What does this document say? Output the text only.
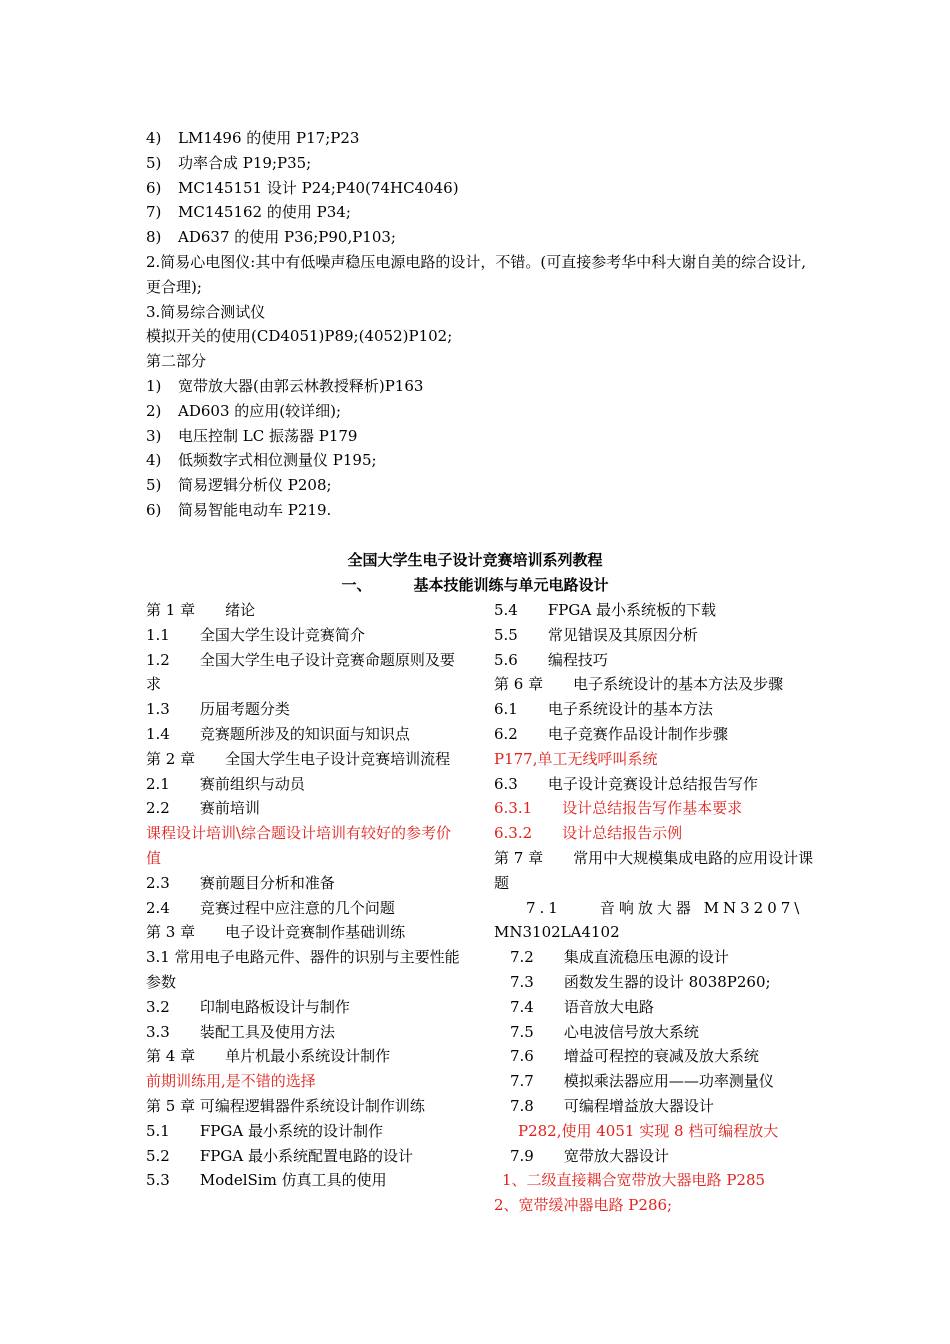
4) LM1496 的使用 P17;P23
5) 功率合成 P19;P35;
6) MC145151 设计 P24;P40(74HC4046)
7) MC145162 的使用 P34;
8) AD637 的使用 P36;P90,P103;
2.简易心电图仪:其中有低噪声稳压电源电路的设计，不错。(可直接参考华中科大谢自美的综合设计,更合理);
3.简易综合测试仪
模拟开关的使用(CD4051)P89;(4052)P102;
第二部分
1) 宽带放大器(由郭云林教授释析)P163
2) AD603 的应用(较详细);
3) 电压控制 LC 振荡器 P179
4) 低频数字式相位测量仪 P195;
5) 简易逻辑分析仪 P208;
6) 简易智能电动车 P219.
全国大学生电子设计竞赛培训系列教程
一、	基本技能训练与单元电路设计
第 1 章　　绪论
1.1　　全国大学生设计竞赛简介
1.2　　全国大学生电子设计竞赛命题原则及要求
1.3　　历届考题分类
1.4　　竞赛题所涉及的知识面与知识点
第 2 章　　全国大学生电子设计竞赛培训流程
2.1　　赛前组织与动员
2.2　　赛前培训
课程设计培训\综合题设计培训有较好的参考价值
2.3　　赛前题目分析和准备
2.4　　竞赛过程中应注意的几个问题
第 3 章　　电子设计竞赛制作基础训练
3.1 常用电子电路元件、器件的识别与主要性能参数
3.2　　印制电路板设计与制作
3.3　　装配工具及使用方法
第 4 章　　单片机最小系统设计制作
前期训练用,是不错的选择
第 5 章 可编程逻辑器件系统设计制作训练
5.1　　FPGA 最小系统的设计制作
5.2　　FPGA 最小系统配置电路的设计
5.3　　ModelSim 仿真工具的使用
5.4　　FPGA 最小系统板的下载
5.5　　常见错误及其原因分析
5.6　　编程技巧
第 6 章　　电子系统设计的基本方法及步骤
6.1　　电子系统设计的基本方法
6.2　　电子竞赛作品设计制作步骤
P177,单工无线呼叫系统
6.3　　电子设计竞赛设计总结报告写作
6.3.1　　设计总结报告写作基本要求
6.3.2　　设计总结报告示例
第 7 章　　常用中大规模集成电路的应用设计课题
7.1　　音响放大器 MN3207\
MN3102LA4102
7.2　　集成直流稳压电源的设计
7.3　　函数发生器的设计 8038P260;
7.4　　语音放大电路
7.5　　心电波信号放大系统
7.6　　增益可程控的衰减及放大系统
7.7　　模拟乘法器应用——功率测量仪
7.8　　可编程增益放大器设计
P282,使用 4051 实现 8 档可编程放大
7.9　　宽带放大器设计
1、二级直接耦合宽带放大器电路 P285
2、宽带缓冲器电路 P286;
